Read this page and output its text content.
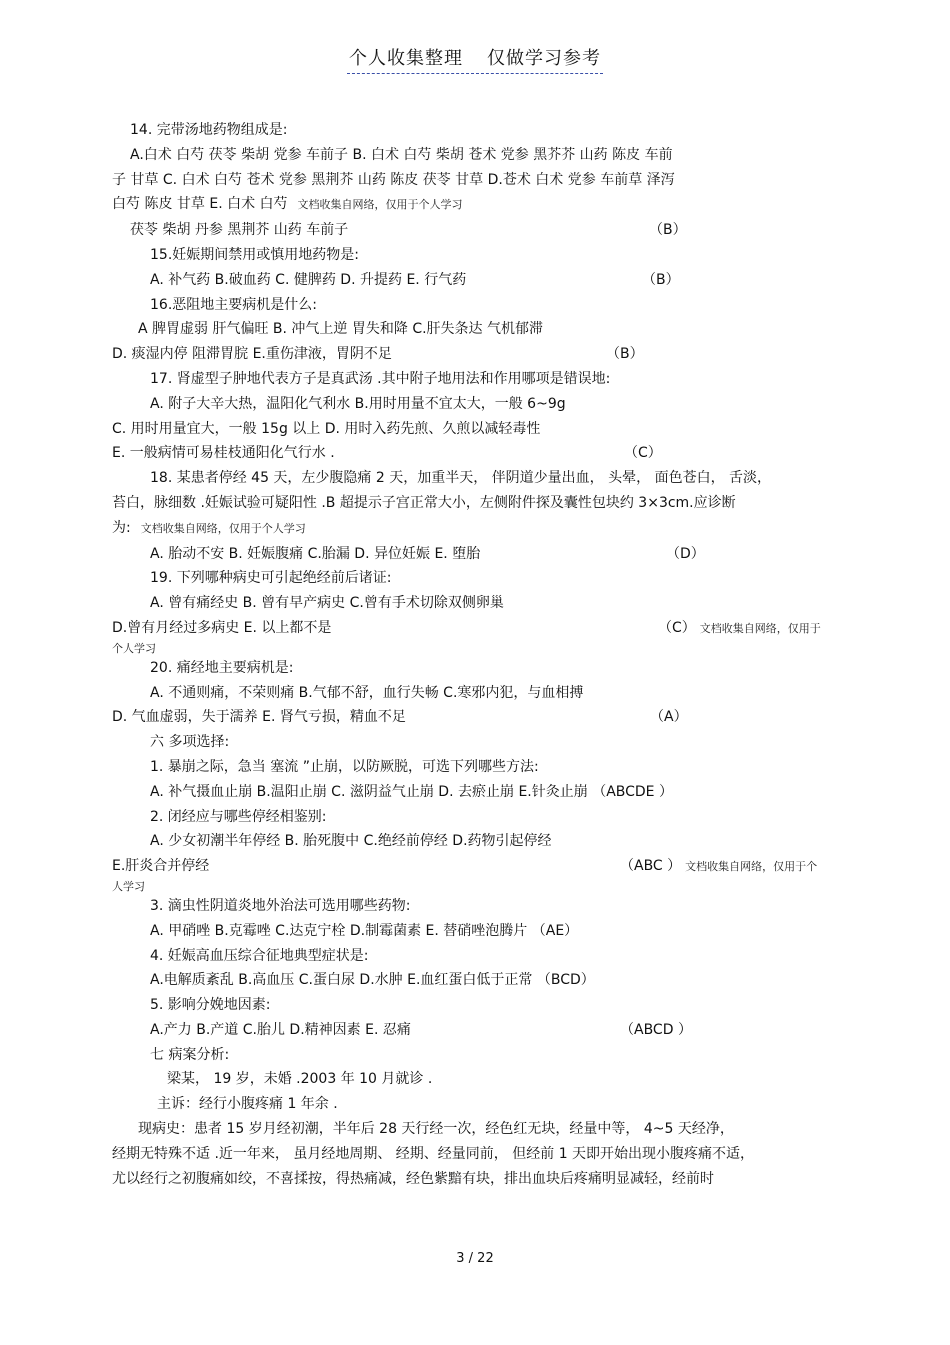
个人收集整理 仅做学习参考
14. 完带汤地药物组成是:
A.白术 白芍 茯苓 柴胡 党参 车前子 B. 白术 白芍 柴胡 苍术 党参 黑芥芥 山药 陈皮 车前
子 甘草 C. 白术 白芍 苍术 党参 黑荆芥 山药 陈皮 茯苓 甘草 D.苍术 白术 党参 车前草 泽泻
白芍 陈皮 甘草 E. 白术 白芍 文档收集自网络，仅用于个人学习
茯苓 柴胡 丹参 黑荆芥 山药 车前子	（B）
15.妊娠期间禁用或慎用地药物是:
A. 补气药 B.破血药 C. 健脾药 D. 升提药 E. 行气药	（B）
16.恶阻地主要病机是什么:
A 脾胃虚弱 肝气偏旺 B. 冲气上逆 胃失和降 C.肝失条达 气机郁滞
D. 痰湿内停 阻滞胃脘 E.重伤津液，胃阴不足	（B）
17. 肾虚型子肿地代表方子是真武汤 .其中附子地用法和作用哪项是错误地:
A. 附子大辛大热，温阳化气利水 B.用时用量不宜太大，一般 6~9g
C. 用时用量宜大，一般 15g 以上 D. 用时入药先煎、久煎以减轻毒性
E. 一般病情可易桂枝通阳化气行水 .	（C）
18. 某患者停经 45 天，左少腹隐痛 2 天，加重半天， 伴阴道少量出血， 头晕， 面色苍白， 舌淡，
苔白，脉细数 .妊娠试验可疑阳性 .B 超提示子宫正常大小，左侧附件探及囊性包块约 3×3cm.应诊断
为: 文档收集自网络，仅用于个人学习
A. 胎动不安 B. 妊娠腹痛 C.胎漏 D. 异位妊娠 E. 堕胎	（D）
19. 下列哪种病史可引起绝经前后诸证:
A. 曾有痛经史 B. 曾有早产病史 C.曾有手术切除双侧卵巢
D.曾有月经过多病史 E. 以上都不是	（C） 文档收集自网络，仅用于
个人学习
20. 痛经地主要病机是:
A. 不通则痛，不荣则痛 B.气郁不舒，血行失畅 C.寒邪内犯，与血相搏
D. 气血虚弱，失于濡养 E. 肾气亏损，精血不足	（A）
六 多项选择:
1. 暴崩之际，急当 塞流 ”止崩，以防厥脱，可选下列哪些方法:
A. 补气摄血止崩 B.温阳止崩 C. 滋阴益气止崩 D. 去瘀止崩 E.针灸止崩 （ABCDE ）
2. 闭经应与哪些停经相鉴别:
A. 少女初潮半年停经 B. 胎死腹中 C.绝经前停经 D.药物引起停经
E.肝炎合并停经	（ABC ） 文档收集自网络，仅用于个
人学习
3. 滴虫性阴道炎地外治法可选用哪些药物:
A. 甲硝唑 B.克霉唑 C.达克宁栓 D.制霉菌素 E. 替硝唑泡腾片 （AE）
4. 妊娠高血压综合征地典型症状是:
A.电解质紊乱 B.高血压 C.蛋白尿 D.水肿 E.血红蛋白低于正常 （BCD）
5. 影响分娩地因素:
A.产力 B.产道 C.胎儿 D.精神因素 E. 忍痛	（ABCD ）
七 病案分析:
梁某， 19 岁，未婚 .2003 年 10 月就诊 .
主诉：经行小腹疼痛 1 年余 .
现病史：患者 15 岁月经初潮，半年后 28 天行经一次，经色红无块，经量中等， 4~5 天经净，
经期无特殊不适 .近一年来， 虽月经地周期、 经期、经量同前， 但经前 1 天即开始出现小腹疼痛不适，
尤以经行之初腹痛如绞，不喜揉按，得热痛减，经色紫黯有块，排出血块后疼痛明显减轻，经前时
3 / 22
